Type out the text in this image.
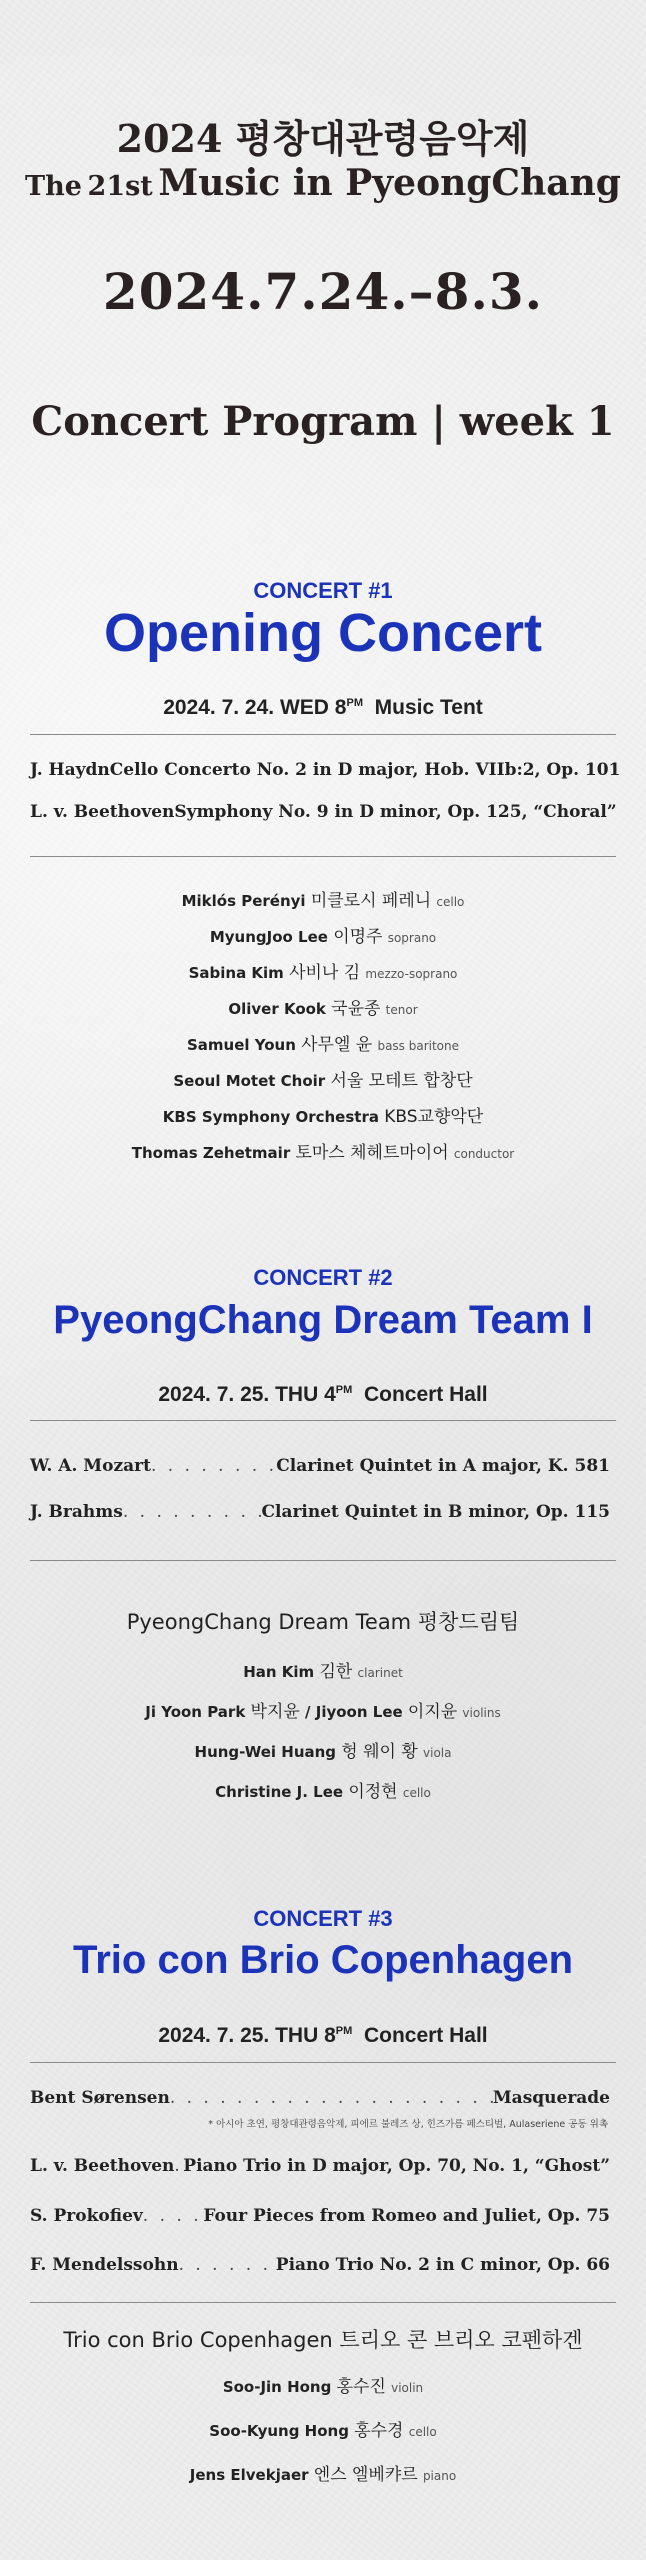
2024 평창대관령음악제
The 21st Music in PyeongChang
2024.7.24.–8.3.
Concert Program | week 1
CONCERT #1
Opening Concert
2024. 7. 24. WED $8^{PM}$ Music Tent
J. Haydn Cello Concerto No. 2 in D major, Hob. VIIb:2, Op. 101
L. v. Beethoven Symphony No. 9 in D minor, Op. 125, “Choral”
Miklós Perényi 미클로시 페레니 cello
MyungJoo Lee 이명주 soprano
Sabina Kim 사비나 김 mezzo-soprano
Oliver Kook 국윤종 tenor
Samuel Youn 사무엘 윤 bass baritone
Seoul Motet Choir 서울 모테트 합창단
KBS Symphony Orchestra KBS교향악단
Thomas Zehetmair 토마스 체헤트마이어 conductor
CONCERT #2
PyeongChang Dream Team I
2024. 7. 25. THU $4^{PM}$ Concert Hall
W. A. Mozart . . .	Clarinet Quintet in A major, K. 581
J. Brahms . . .	Clarinet Quintet in B minor, Op. 115
PyeongChang Dream Team 평창드림팀
Han Kim 김한 clarinet
Ji Yoon Park 박지윤 / Jiyoon Lee 이지윤 violins
Hung-Wei Huang 헝 웨이 황 viola
Christine J. Lee 이정현 cello
CONCERT #3
Trio con Brio Copenhagen
2024. 7. 25. THU $8^{PM}$ Concert Hall
Bent Sørensen . . .	Masquerade
* 아시아 초연, 평창대관령음악제, 피에르 불레즈 상, 힌즈가름 페스티벌, Aulaseriene 공동 위촉
L. v. Beethoven . . . Piano Trio in D major, Op. 70, No. 1, “Ghost”
S. Prokofiev . . .	Four Pieces from Romeo and Juliet, Op. 75
F. Mendelssohn . . .	Piano Trio No. 2 in C minor, Op. 66
Trio con Brio Copenhagen 트리오 콘 브리오 코펜하겐
Soo-Jin Hong 홍수진 violin
Soo-Kyung Hong 홍수경 cello
Jens Elvekjaer 엔스 엘베캬르 piano
